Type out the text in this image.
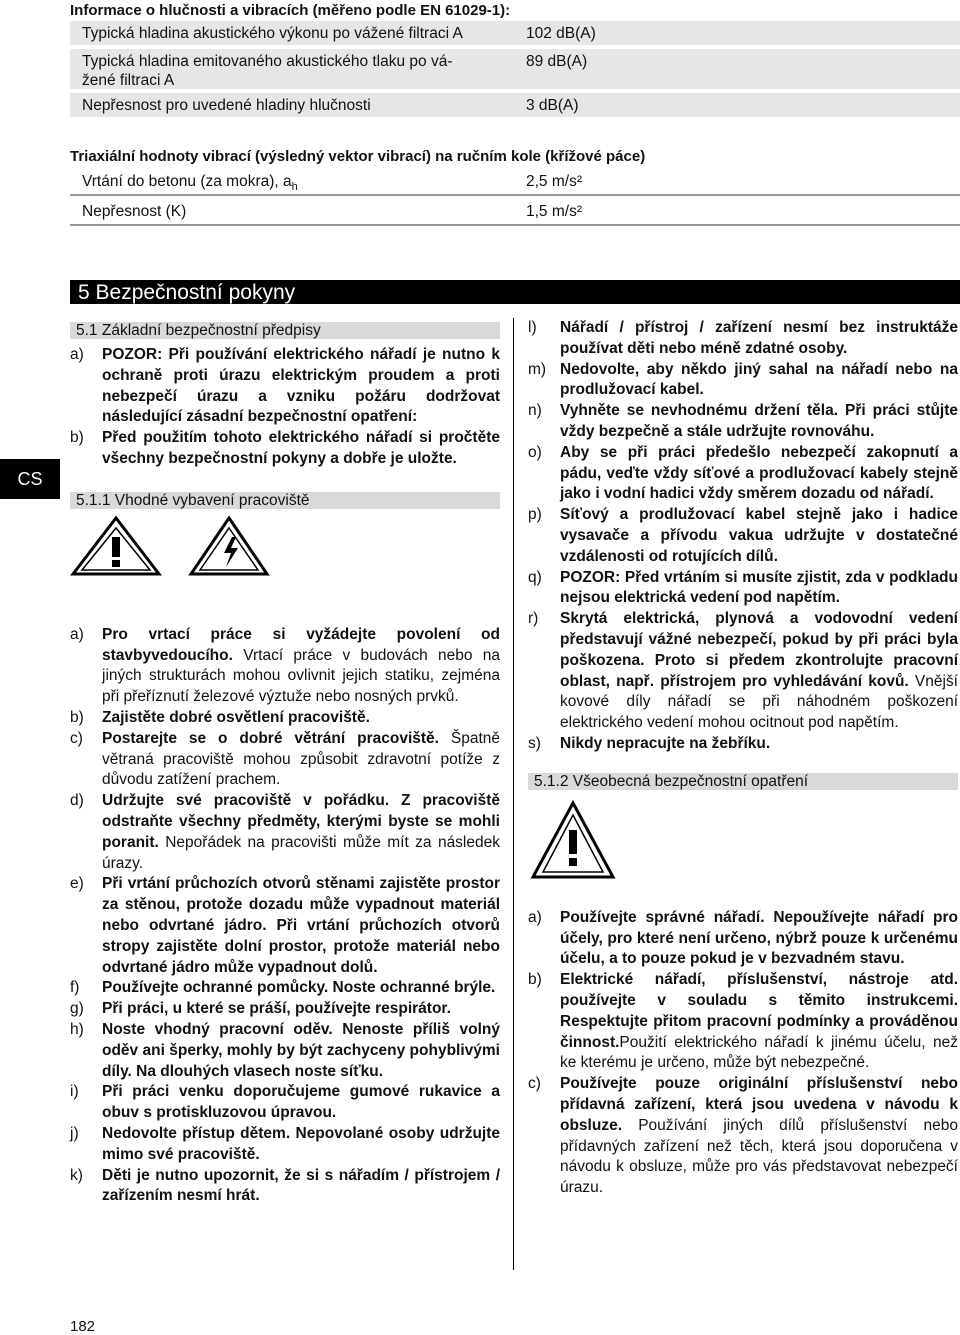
Informace o hlučnosti a vibracích (měřeno podle EN 61029-1):
Typická hladina akustického výkonu po vážené filtraci A	102 dB(A)
Typická hladina emitovaného akustického tlaku po vá-
žené filtraci A
89 dB(A)
Nepřesnost pro uvedené hladiny hlučnosti	3 dB(A)
Triaxiální hodnoty vibrací (výsledný vektor vibrací) na ručním kole (křížové páce)
Vrtání do betonu (za mokra), $a_h$	2,5 m/s²
Nepřesnost (K)	1,5 m/s²
5 Bezpečnostní pokyny
CS
5.1 Základní bezpečnostní předpisy
a) POZOR: Při používání elektrického nářadí je nutno k ochraně proti úrazu elektrickým proudem a proti nebezpečí úrazu a vzniku požáru dodržovat následující zásadní bezpečnostní opatření:
b) Před použitím tohoto elektrického nářadí si pročtěte všechny bezpečnostní pokyny a dobře je uložte.
5.1.1 Vhodné vybavení pracoviště
a) Pro vrtací práce si vyžádejte povolení od stavbyvedoucího. Vrtací práce v budovách nebo na jiných strukturách mohou ovlivnit jejich statiku, zejména při přeříznutí železové výztuže nebo nosných prvků.
b) Zajistěte dobré osvětlení pracoviště.
c) Postarejte se o dobré větrání pracoviště. Špatně větraná pracoviště mohou způsobit zdravotní potíže z důvodu zatížení prachem.
d) Udržujte své pracoviště v pořádku. Z pracoviště odstraňte všechny předměty, kterými byste se mohli poranit. Nepořádek na pracovišti může mít za následek úrazy.
e) Při vrtání průchozích otvorů stěnami zajistěte prostor za stěnou, protože dozadu může vypadnout materiál nebo odvrtané jádro. Při vrtání průchozích otvorů stropy zajistěte dolní prostor, protože materiál nebo odvrtané jádro může vypadnout dolů.
f) Používejte ochranné pomůcky. Noste ochranné brýle.
g) Při práci, u které se práší, používejte respirátor.
h) Noste vhodný pracovní oděv. Nenoste příliš volný oděv ani šperky, mohly by být zachyceny pohyblivými díly. Na dlouhých vlasech noste síťku.
i) Při práci venku doporučujeme gumové rukavice a obuv s protiskluzovou úpravou.
j) Nedovolte přístup dětem. Nepovolané osoby udržujte mimo své pracoviště.
k) Děti je nutno upozornit, že si s nářadím / přístrojem / zařízením nesmí hrát.
l) Nářadí / přístroj / zařízení nesmí bez instruktáže používat děti nebo méně zdatné osoby.
m) Nedovolte, aby někdo jiný sahal na nářadí nebo na prodlužovací kabel.
n) Vyhněte se nevhodnému držení těla. Při práci stůjte vždy bezpečně a stále udržujte rovnováhu.
o) Aby se při práci předešlo nebezpečí zakopnutí a pádu, veďte vždy síťové a prodlužovací kabely stejně jako i vodní hadici vždy směrem dozadu od nářadí.
p) Síťový a prodlužovací kabel stejně jako i hadice vysavače a přívodu vakua udržujte v dostatečné vzdálenosti od rotujících dílů.
q) POZOR: Před vrtáním si musíte zjistit, zda v podkladu nejsou elektrická vedení pod napětím.
r) Skrytá elektrická, plynová a vodovodní vedení představují vážné nebezpečí, pokud by při práci byla poškozena. Proto si předem zkontrolujte pracovní oblast, např. přístrojem pro vyhledávání kovů. Vnější kovové díly nářadí se při náhodném poškození elektrického vedení mohou ocitnout pod napětím.
s) Nikdy nepracujte na žebříku.
5.1.2 Všeobecná bezpečnostní opatření
a) Používejte správné nářadí. Nepoužívejte nářadí pro účely, pro které není určeno, nýbrž pouze k určenému účelu, a to pouze pokud je v bezvadném stavu.
b) Elektrické nářadí, příslušenství, nástroje atd. používejte v souladu s těmito instrukcemi. Respektujte přitom pracovní podmínky a prováděnou činnost.Použití elektrického nářadí k jinému účelu, než ke kterému je určeno, může být nebezpečné.
c) Používejte pouze originální příslušenství nebo přídavná zařízení, která jsou uvedena v návodu k obsluze. Používání jiných dílů příslušenství nebo přídavných zařízení než těch, která jsou doporučena v návodu k obsluze, může pro vás představovat nebezpečí úrazu.
182
